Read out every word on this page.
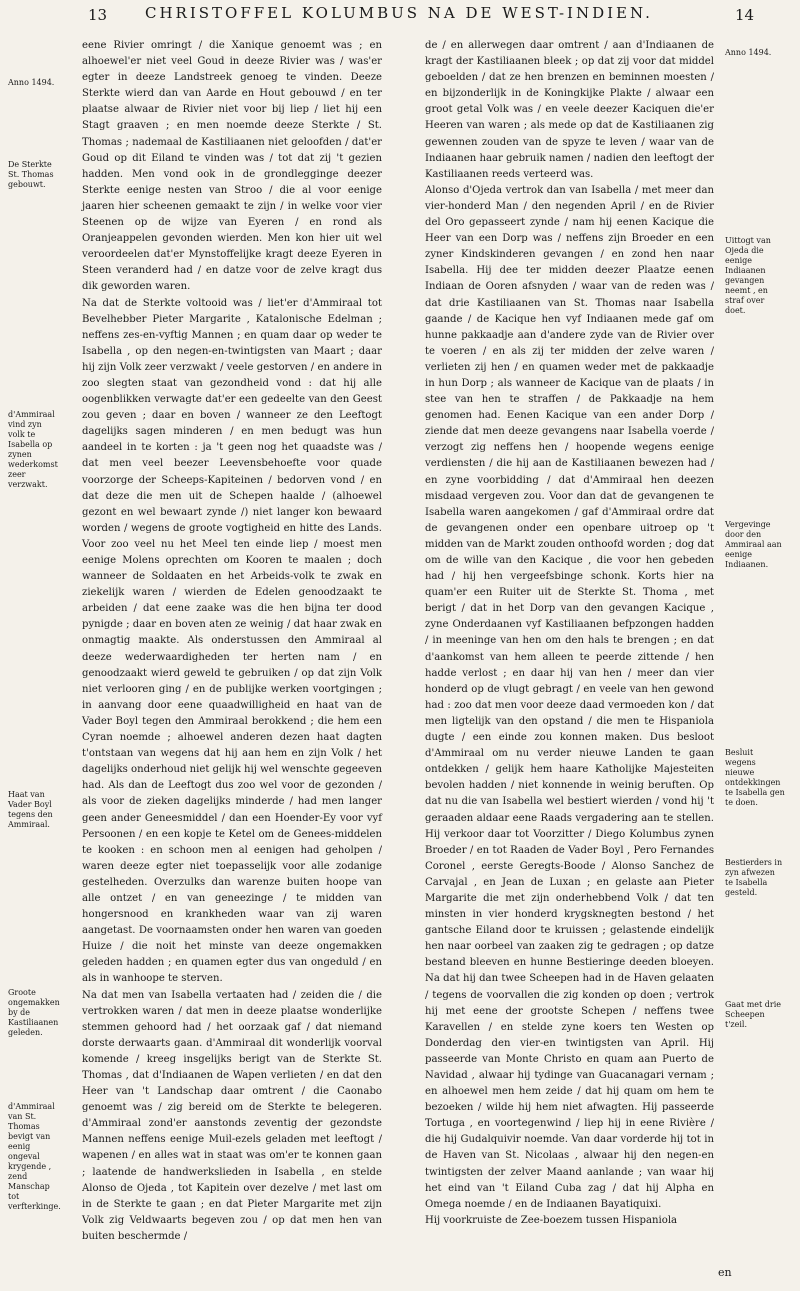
13	CHRISTOFFEL KOLUMBUS NA DE WEST-INDIEN.	14
Anno 1494.
De Sterkte St. Thomas gebouwt.
d'Ammiraal vind zyn volk te Isabella op zynen wederkomst zeer verzwakt.
Haat van Vader Boyl tegens den Ammiraal.
Groote ongemakken by de Kastiliaanen geleden.
d'Ammiraal van St. Thomas bevigt van eenig ongeval krygende , zend Manschap tot verfterkinge.

eene Rivier omringt / die Xanique genoemt was ; en alhoewel'er niet veel Goud in deeze Rivier was / was'er egter in deeze Landstreek genoeg te vinden. Deeze Sterkte wierd dan van Aarde en Hout gebouwd / en ter plaatse alwaar de Rivier niet voor bij liep / liet hij een Stagt graaven ; en men noemde deeze Sterkte / St. Thomas ; nademaal de Kastiliaanen niet geloofden / dat'er Goud op dit Eiland te vinden was / tot dat zij 't gezien hadden. Men vond ook in de grondlegginge deezer Sterkte eenige nesten van Stroo / die al voor eenige jaaren hier scheenen gemaakt te zijn / in welke voor vier Steenen op de wijze van Eyeren / en rond als Oranjeappelen gevonden wierden. Men kon hier uit wel veroordeelen dat'er Mynstoffelijke kragt deeze Eyeren in Steen veranderd had / en datze voor de zelve kragt dus dik geworden waren.

Na dat de Sterkte voltooid was / liet'er d'Ammiraal tot Bevelhebber Pieter Margarite , Katalonische Edelman ; neffens zes-en-vyftig Mannen ; en quam daar op weder te Isabella , op den negen-en-twintigsten van Maart ; daar hij zijn Volk zeer verzwakt / veele gestorven / en andere in zoo slegten staat van gezondheid vond : dat hij alle oogenblikken verwagte dat'er een gedeelte van den Geest zou geven ; daar en boven / wanneer ze den Leeftogt dagelijks sagen minderen / en men bedugt was hun aandeel in te korten : ja 't geen nog het quaadste was / dat men veel beezer Leevensbehoefte voor quade voorzorge der Scheeps-Kapiteinen / bedorven vond / en dat deze die men uit de Schepen haalde / (alhoewel gezont en wel bewaart zynde /) niet langer kon bewaard worden / wegens de groote vogtigheid en hitte des Lands. Voor zoo veel nu het Meel ten einde liep / moest men eenige Molens oprechten om Kooren te maalen ; doch wanneer de Soldaaten en het Arbeids-volk te zwak en ziekelijk waren / wierden de Edelen genoodzaakt te arbeiden / dat eene zaake was die hen bijna ter dood pynigde ; daar en boven aten ze weinig / dat haar zwak en onmagtig maakte. Als onderstussen den Ammiraal al deeze wederwaardigheden ter herten nam / en genoodzaakt wierd geweld te gebruiken / op dat zijn Volk niet verlooren ging / en de publijke werken voortgingen ; in aanvang door eene quaadwilligheid en haat van de Vader Boyl tegen den Ammiraal berokkend ; die hem een Cyran noemde ; alhoewel anderen dezen haat dagten t'ontstaan van wegens dat hij aan hem en zijn Volk / het dagelijks onderhoud niet gelijk hij wel wenschte gegeeven had. Als dan de Leeftogt dus zoo wel voor de gezonden / als voor de zieken dagelijks minderde / had men langer geen ander Geneesmiddel / dan een Hoender-Ey voor vyf Persoonen / en een kopje te Ketel om de Genees-middelen te kooken : en schoon men al eenigen had geholpen / waren deeze egter niet toepasselijk voor alle zodanige gestelheden. Overzulks dan warenze buiten hoope van alle ontzet / en van geneezinge / te midden van hongersnood en krankheden waar van zij waren aangetast. De voornaamsten onder hen waren van goeden Huize / die noit het minste van deeze ongemakken geleden hadden ; en quamen egter dus van ongeduld / en als in wanhoope te sterven.

Na dat men van Isabella vertaaten had / zeiden die / die vertrokken waren / dat men in deeze plaatse wonderlijke stemmen gehoord had / het oorzaak gaf / dat niemand dorste derwaarts gaan. d'Ammiraal dit wonderlijk voorval komende / kreeg insgelijks berigt van de Sterkte St. Thomas , dat d'Indiaanen de Wapen verlieten / en dat den Heer van 't Landschap daar omtrent / die Caonabo genoemt was / zig bereid om de Sterkte te belegeren. d'Ammiraal zond'er aanstonds zeventig der gezondste Mannen neffens eenige Muil-ezels geladen met leeftogt / wapenen / en alles wat in staat was om'er te konnen gaan ; laatende de handwerkslieden in Isabella , en stelde Alonso de Ojeda , tot Kapitein over dezelve / met last om in de Sterkte te gaan ; en dat Pieter Margarite met zijn Volk zig Veldwaarts begeven zou / op dat men hen van buiten beschermde /

de / en allerwegen daar omtrent / aan d'Indiaanen de kragt der Kastiliaanen bleek ; op dat zij voor dat middel geboelden / dat ze hen brenzen en beminnen moesten / en bijzonderlijk in de Koningkijke Plakte / alwaar een groot getal Volk was / en veele deezer Kaciquen die'er Heeren van waren ; als mede op dat de Kastiliaanen zig gewennen zouden van de spyze te leven / waar van de Indiaanen haar gebruik namen / nadien den leeftogt der Kastiliaanen reeds verteerd was.

Alonso d'Ojeda vertrok dan van Isabella / met meer dan vier-honderd Man / den negenden April / en de Rivier del Oro gepasseert zynde / nam hij eenen Kacique die Heer van een Dorp was / neffens zijn Broeder en een zyner Kindskinderen gevangen / en zond hen naar Isabella. Hij dee ter midden deezer Plaatze eenen Indiaan de Ooren afsnyden / waar van de reden was / dat drie Kastiliaanen van St. Thomas naar Isabella gaande / de Kacique hen vyf Indiaanen mede gaf om hunne pakkaadje aan d'andere zyde van de Rivier over te voeren / en als zij ter midden der zelve waren / verlieten zij hen / en quamen weder met de pakkaadje in hun Dorp ; als wanneer de Kacique van de plaats / in stee van hen te straffen / de Pakkaadje na hem genomen had. Eenen Kacique van een ander Dorp / ziende dat men deeze gevangens naar Isabella voerde / verzogt zig neffens hen / hoopende wegens eenige verdiensten / die hij aan de Kastiliaanen bewezen had / en zyne voorbidding / dat d'Ammiraal hen deezen misdaad vergeven zou. Voor dan dat de gevangenen te Isabella waren aangekomen / gaf d'Ammiraal ordre dat de gevangenen onder een openbare uitroep op 't midden van de Markt zouden onthoofd worden ; dog dat om de wille van den Kacique , die voor hen gebeden had / hij hen vergeefsbinge schonk. Korts hier na quam'er een Ruiter uit de Sterkte St. Thoma , met berigt / dat in het Dorp van den gevangen Kacique , zyne Onderdaanen vyf Kastiliaanen befpzongen hadden / in meeninge van hen om den hals te brengen ; en dat d'aankomst van hem alleen te peerde zittende / hen hadde verlost ; en daar hij van hen / meer dan vier honderd op de vlugt gebragt / en veele van hen gewond had : zoo dat men voor deeze daad vermoeden kon / dat men ligtelijk van den opstand / die men te Hispaniola dugte / een einde zou konnen maken. Dus besloot d'Ammiraal om nu verder nieuwe Landen te gaan ontdekken / gelijk hem haare Katholijke Majesteiten bevolen hadden / niet konnende in weinig beruften. Op dat nu die van Isabella wel bestiert wierden / vond hij 't geraaden aldaar eene Raads vergadering aan te stellen. Hij verkoor daar tot Voorzitter / Diego Kolumbus zynen Broeder / en tot Raaden de Vader Boyl , Pero Fernandes Coronel , eerste Geregts-Boode / Alonso Sanchez de Carvajal , en Jean de Luxan ; en gelaste aan Pieter Margarite die met zijn onderhebbend Volk / dat ten minsten in vier honderd krygsknegten bestond / het gantsche Eiland door te kruissen ; gelastende eindelijk hen naar oorbeel van zaaken zig te gedragen ; op datze bestand bleeven en hunne Bestieringe deeden bloeyen. Na dat hij dan twee Scheepen had in de Haven gelaaten / tegens de voorvallen die zig konden op doen ; vertrok hij met eene der grootste Schepen / neffens twee Karavellen / en stelde zyne koers ten Westen op Donderdag den vier-en twintigsten van April. Hij passeerde van Monte Christo en quam aan Puerto de Navidad , alwaar hij tydinge van Guacanagari vernam ; en alhoewel men hem zeide / dat hij quam om hem te bezoeken / wilde hij hem niet afwagten. Hij passeerde Tortuga , en voortegenwind / liep hij in eene Rivière / die hij Gudalquivir noemde. Van daar vorderde hij tot in de Haven van St. Nicolaas , alwaar hij den negen-en twintigsten der zelver Maand aanlande ; van waar hij het eind van 't Eiland Cuba zag / dat hij Alpha en Omega noemde / en de Indiaanen Bayatiquixi.

Hij voorkruiste de Zee-boezem tussen Hispaniola

Anno 1494.
Uittogt van Ojeda die eenige Indiaanen gevangen neemt , en straf over doet.
Vergevinge door den Ammiraal aan eenige Indiaanen.
Besluit wegens nieuwe ontdekkingen te Isabella gen te doen.
Bestierders in zyn afwezen te Isabella gesteld.
Gaat met drie Scheepen t'zeil.
en
